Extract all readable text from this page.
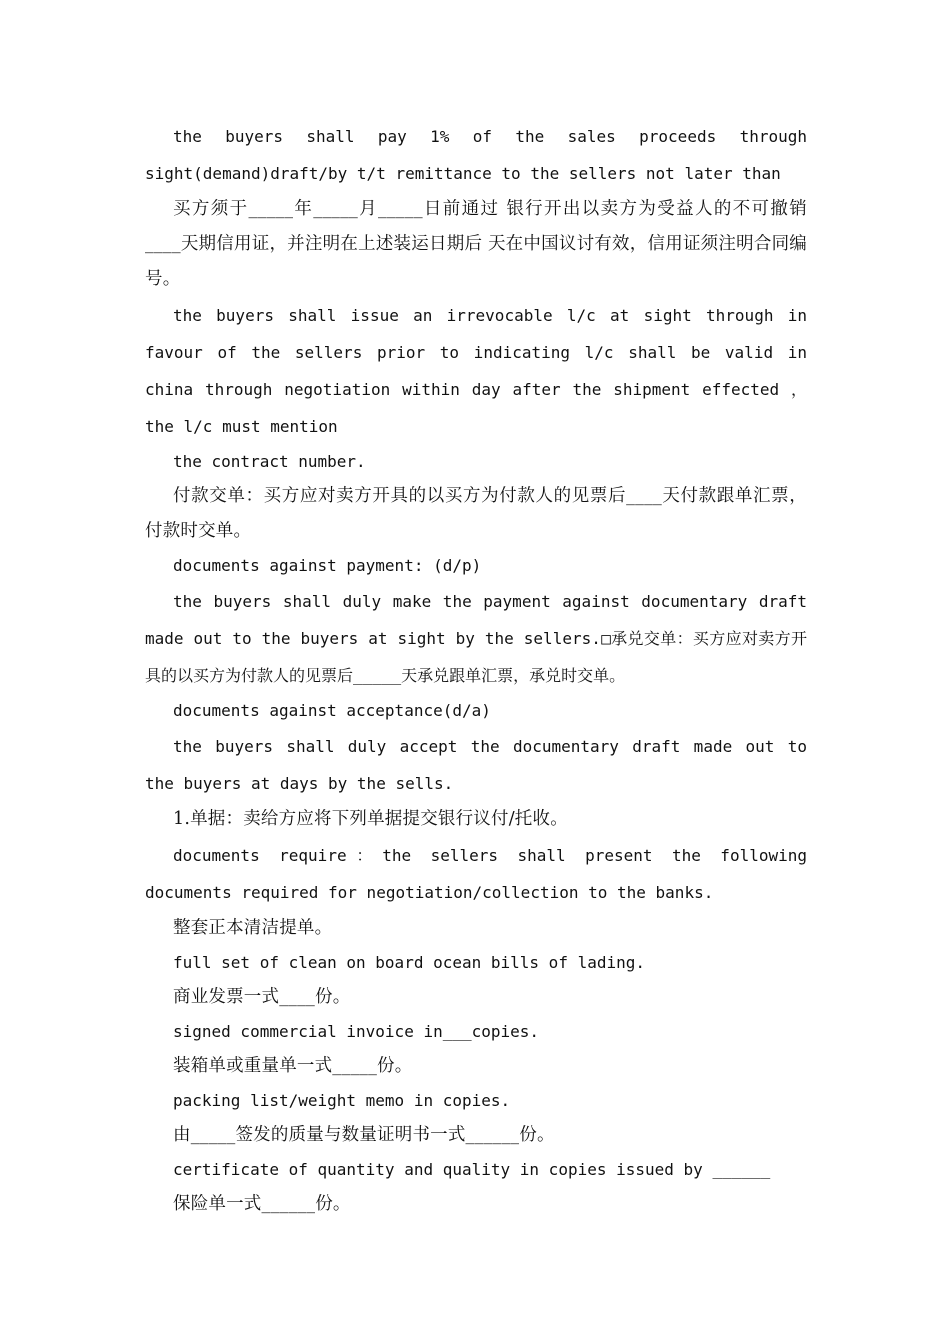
the buyers shall pay 1% of the sales proceeds through sight(demand)draft/by t/t remittance to the sellers not later than

买方须于_____年_____月_____日前通过 银行开出以卖方为受益人的不可撤销____天期信用证，并注明在上述装运日期后 天在中国议讨有效，信用证须注明合同编号。

the buyers shall issue an irrevocable l/c at sight through in favour of the sellers prior to indicating l/c shall be valid in china through negotiation within day after the shipment effected ， the l/c must mention

the contract number.

付款交单：买方应对卖方开具的以买方为付款人的见票后____天付款跟单汇票，付款时交单。

documents against payment: (d/p)

the buyers shall duly make the payment against documentary draft made out to the buyers at sight by the sellers.□承兑交单：买方应对卖方开具的以买方为付款人的见票后_____天承兑跟单汇票，承兑时交单。

documents against acceptance(d/a)

the buyers shall duly accept the documentary draft made out to the buyers at days by the sells.

1.单据：卖给方应将下列单据提交银行议付/托收。

documents require：the sellers shall present the following documents required for negotiation/collection to the banks.

整套正本清洁提单。

full set of clean on board ocean bills of lading.

商业发票一式____份。

signed commercial invoice in___copies.

装箱单或重量单一式_____份。

packing list/weight memo in copies.

由_____签发的质量与数量证明书一式______份。

certificate of quantity and quality in copies issued by ______

保险单一式______份。
